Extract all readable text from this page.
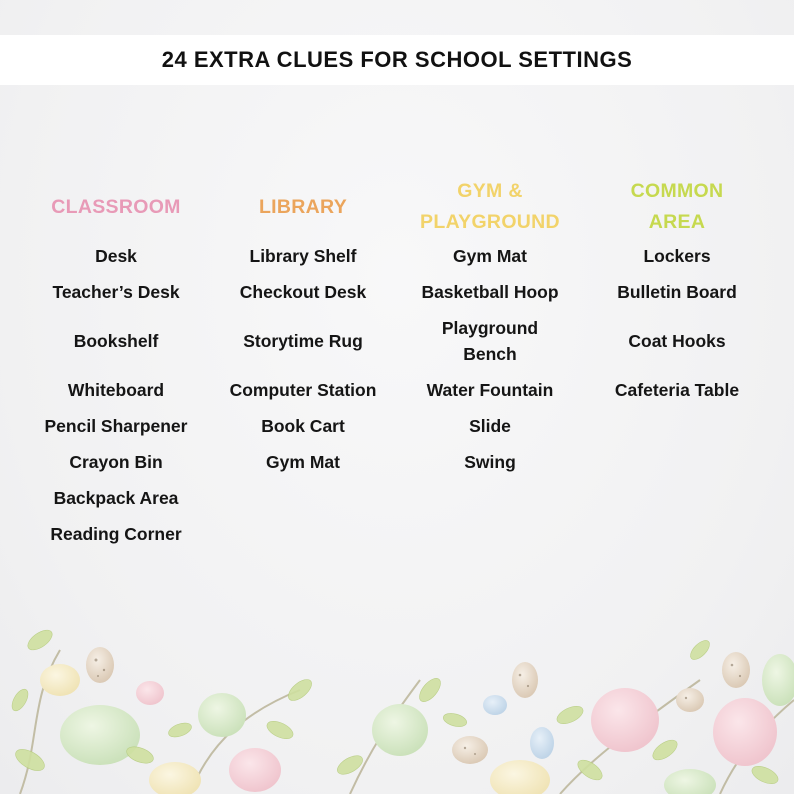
24 EXTRA CLUES FOR SCHOOL SETTINGS
CLASSROOM
Desk
Teacher’s Desk
Bookshelf
Whiteboard
Pencil Sharpener
Crayon Bin
Backpack Area
Reading Corner
LIBRARY
Library Shelf
Checkout Desk
Storytime Rug
Computer Station
Book Cart
Gym Mat
GYM &
PLAYGROUND
Gym Mat
Basketball Hoop
Playground
Bench
Water Fountain
Slide
Swing
COMMON
AREA
Lockers
Bulletin Board
Coat Hooks
Cafeteria Table
